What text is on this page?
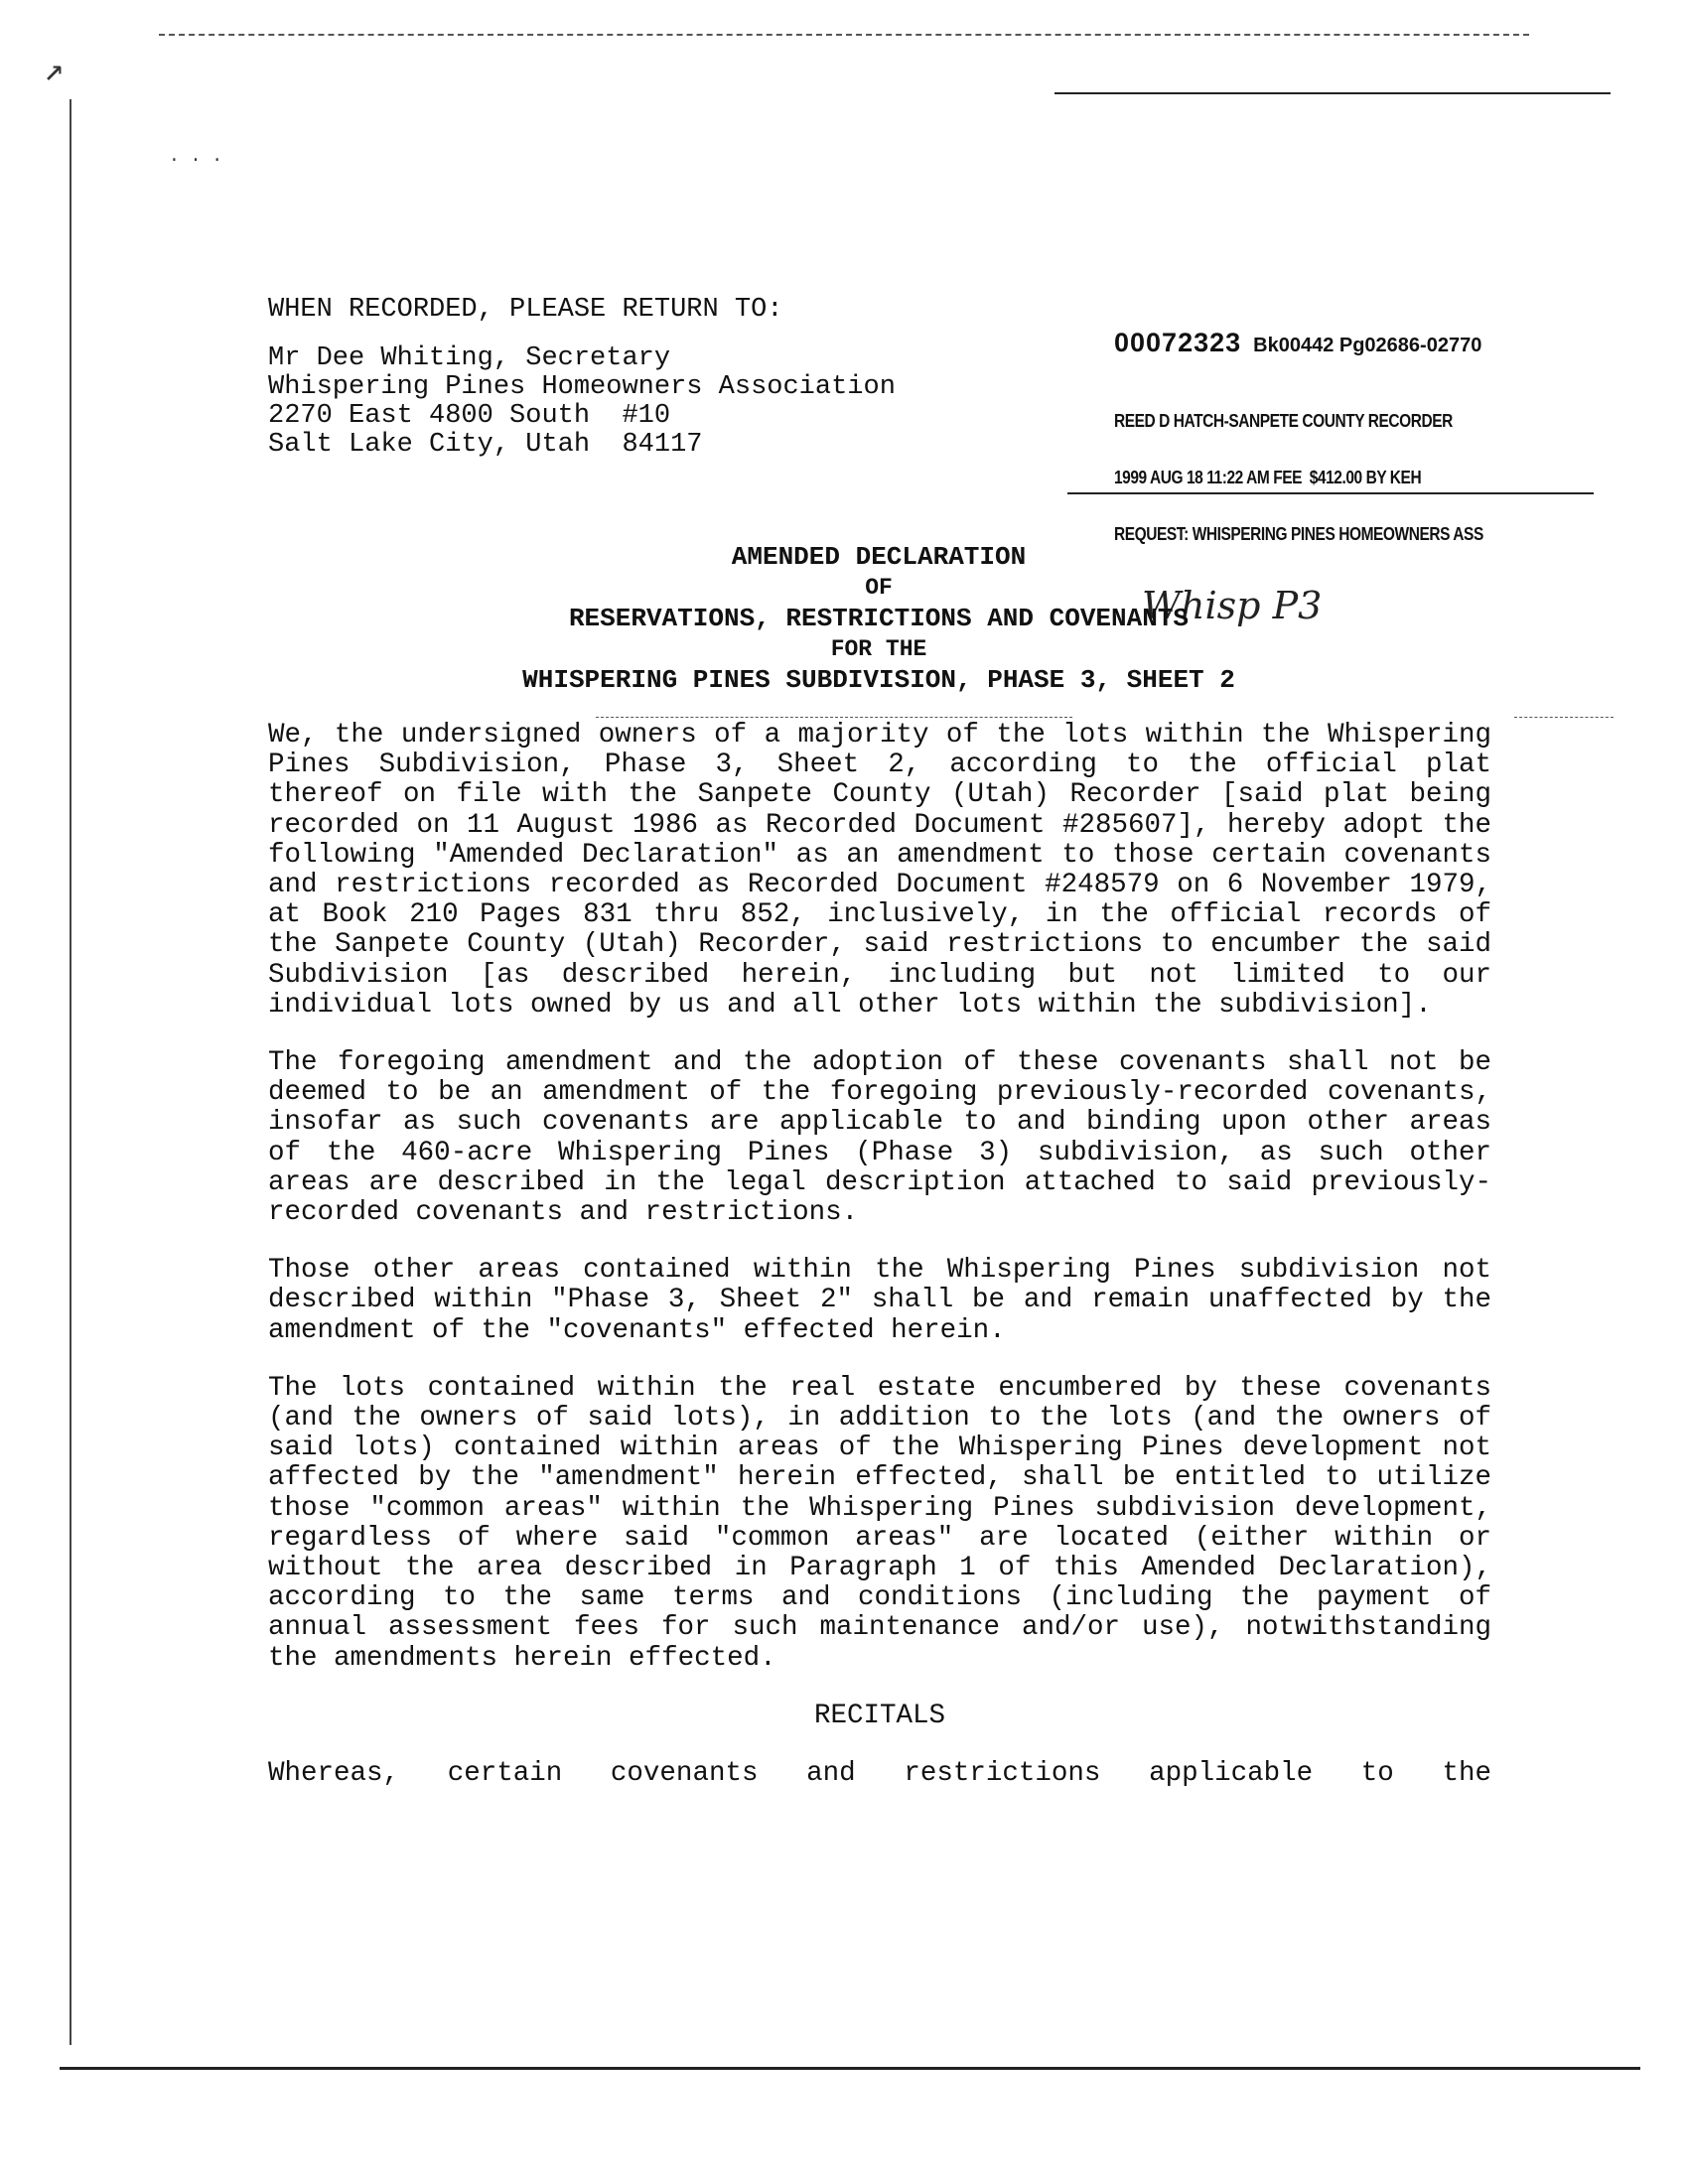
↗
· · ·
WHEN RECORDED, PLEASE RETURN TO:
Mr Dee Whiting, Secretary
Whispering Pines Homeowners Association
2270 East 4800 South  #10
Salt Lake City, Utah  84117
00072323 Bk00442 Pg02686-02770

REED D HATCH-SANPETE COUNTY RECORDER

1999 AUG 18 11:22 AM FEE  $412.00 BY KEH

REQUEST: WHISPERING PINES HOMEOWNERS ASS

Whisp P3
AMENDED DECLARATION
OF
RESERVATIONS, RESTRICTIONS AND COVENANTS
FOR THE
WHISPERING PINES SUBDIVISION, PHASE 3, SHEET 2

We, the undersigned owners of a majority of the lots within the Whispering Pines Subdivision, Phase 3, Sheet 2, according to the official plat thereof on file with the Sanpete County (Utah) Recorder [said plat being recorded on 11 August 1986 as Recorded Document #285607], hereby adopt the following "Amended Declaration" as an amendment to those certain covenants and restrictions recorded as Recorded Document #248579 on 6 November 1979, at Book 210 Pages 831 thru 852, inclusively, in the official records of the Sanpete County (Utah) Recorder, said restrictions to encumber the said Subdivision [as described herein, including but not limited to our individual lots owned by us and all other lots within the subdivision].

The foregoing amendment and the adoption of these covenants shall not be deemed to be an amendment of the foregoing previously-recorded covenants, insofar as such covenants are applicable to and binding upon other areas of the 460-acre Whispering Pines (Phase 3) subdivision, as such other areas are described in the legal description attached to said previously-recorded covenants and restrictions.

Those other areas contained within the Whispering Pines subdivision not described within "Phase 3, Sheet 2" shall be and remain unaffected by the amendment of the "covenants" effected herein.

The lots contained within the real estate encumbered by these covenants (and the owners of said lots), in addition to the lots (and the owners of said lots) contained within areas of the Whispering Pines development not affected by the "amendment" herein effected, shall be entitled to utilize those "common areas" within the Whispering Pines subdivision development, regardless of where said "common areas" are located (either within or without the area described in Paragraph 1 of this Amended Declaration), according to the same terms and conditions (including the payment of annual assessment fees for such maintenance and/or use), notwithstanding the amendments herein effected.

RECITALS

Whereas, certain covenants and restrictions applicable to the
